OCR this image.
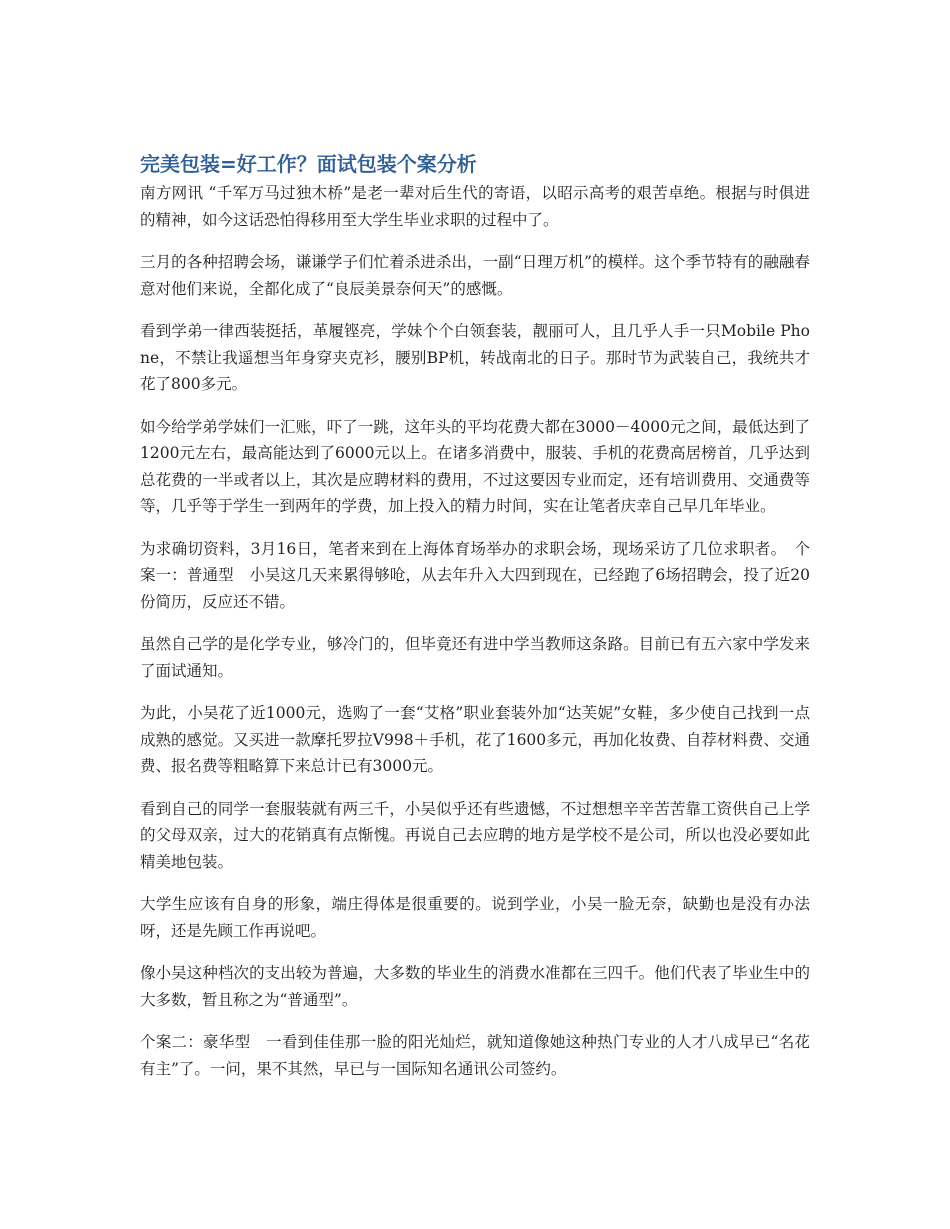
完美包装=好工作？面试包装个案分析

南方网讯 “千军万马过独木桥”是老一辈对后生代的寄语，以昭示高考的艰苦卓绝。根据与时俱进的精神，如今这话恐怕得移用至大学生毕业求职的过程中了。

三月的各种招聘会场，谦谦学子们忙着杀进杀出，一副“日理万机”的模样。这个季节特有的融融春意对他们来说，全都化成了“良辰美景奈何天”的感慨。

看到学弟一律西装挺括，革履铿亮，学妹个个白领套装，靓丽可人，且几乎人手一只Mobile Phone，不禁让我遥想当年身穿夹克衫，腰别BP机，转战南北的日子。那时节为武装自己，我统共才花了800多元。

如今给学弟学妹们一汇账，吓了一跳，这年头的平均花费大都在3000－4000元之间，最低达到了1200元左右，最高能达到了6000元以上。在诸多消费中，服装、手机的花费高居榜首，几乎达到总花费的一半或者以上，其次是应聘材料的费用，不过这要因专业而定，还有培训费用、交通费等等，几乎等于学生一到两年的学费，加上投入的精力时间，实在让笔者庆幸自己早几年毕业。

为求确切资料，3月16日，笔者来到在上海体育场举办的求职会场，现场采访了几位求职者。　个案一：普通型　小吴这几天来累得够呛，从去年升入大四到现在，已经跑了6场招聘会，投了近20份简历，反应还不错。

虽然自己学的是化学专业，够冷门的，但毕竟还有进中学当教师这条路。目前已有五六家中学发来了面试通知。

为此，小吴花了近1000元，选购了一套“艾格”职业套装外加“达芙妮”女鞋，多少使自己找到一点成熟的感觉。又买进一款摩托罗拉V998＋手机，花了1600多元，再加化妆费、自荐材料费、交通费、报名费等粗略算下来总计已有3000元。

看到自己的同学一套服装就有两三千，小吴似乎还有些遗憾，不过想想辛辛苦苦靠工资供自己上学的父母双亲，过大的花销真有点惭愧。再说自己去应聘的地方是学校不是公司，所以也没必要如此精美地包装。

大学生应该有自身的形象，端庄得体是很重要的。说到学业，小吴一脸无奈，缺勤也是没有办法呀，还是先顾工作再说吧。

像小吴这种档次的支出较为普遍，大多数的毕业生的消费水准都在三四千。他们代表了毕业生中的大多数，暂且称之为“普通型”。

个案二：豪华型　一看到佳佳那一脸的阳光灿烂，就知道像她这种热门专业的人才八成早已“名花有主”了。一问，果不其然，早已与一国际知名通讯公司签约。
